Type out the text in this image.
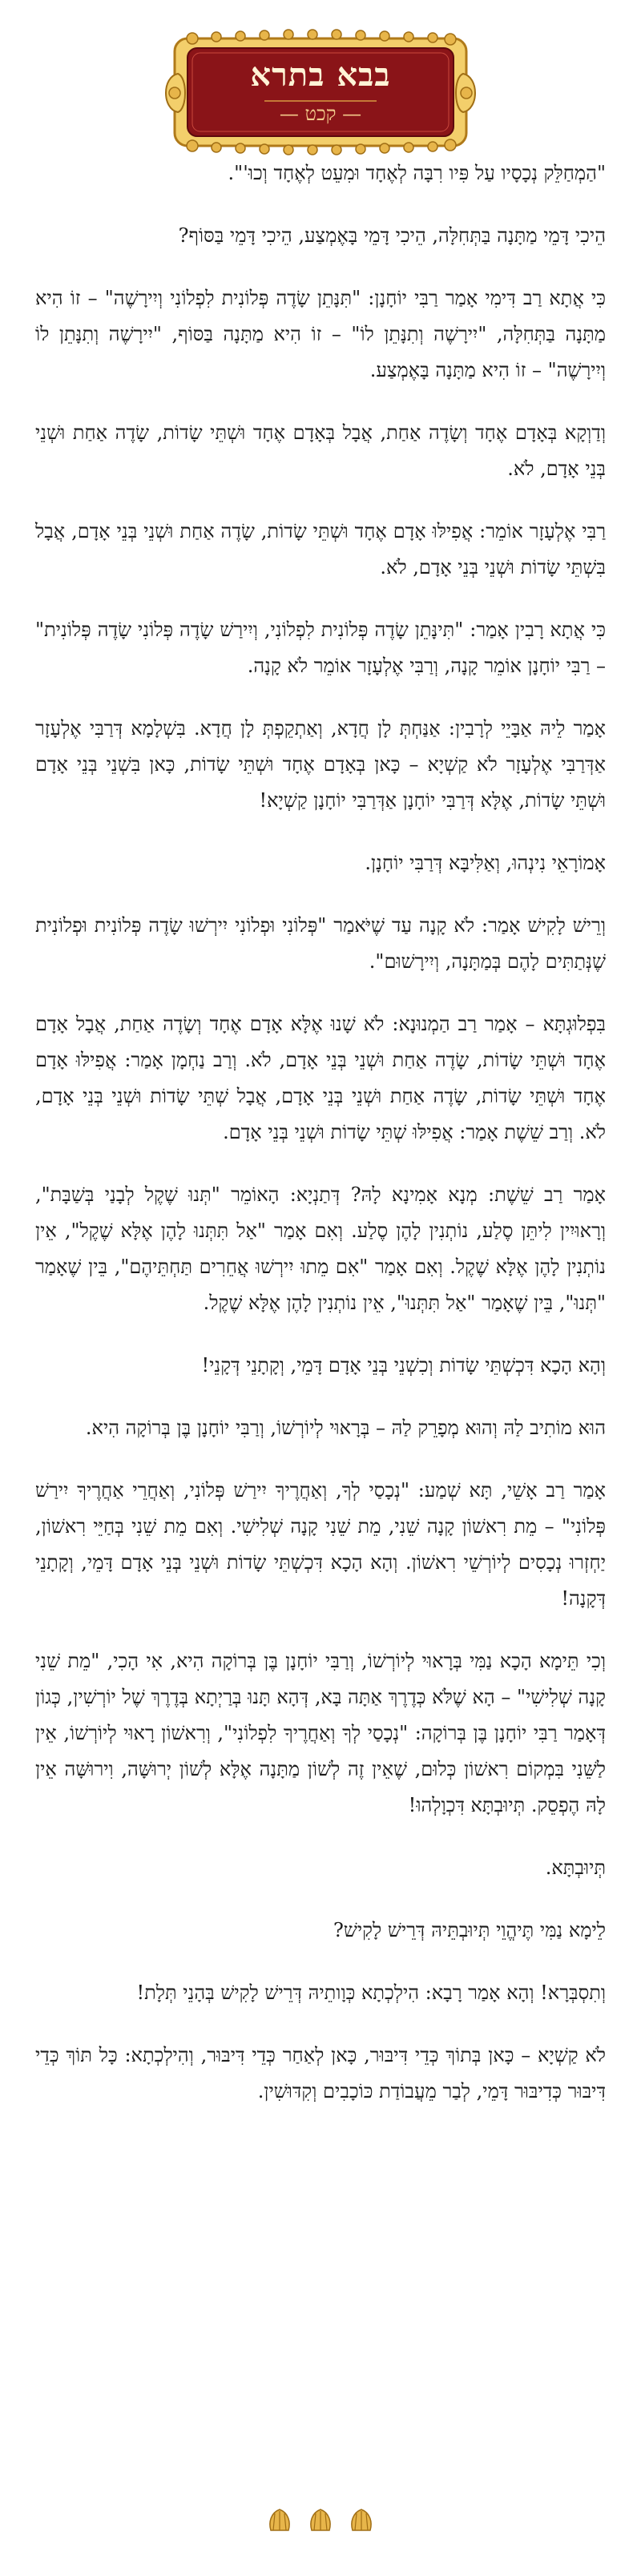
בבא בתרא
— קכט —

"הַמְחַלֵּק נְכָסָיו עַל פִּיו רִבָּה לְאֶחָד וּמִעֵט לְאֶחָד וְכוּ'".

הֵיכִי דָּמֵי מַתָּנָה בַּתְּחִלָּה, הֵיכִי דָּמֵי בָּאֶמְצַע, הֵיכִי דָּמֵי בַּסּוֹף?

כִּי אֲתָא רַב דִּימִי אָמַר רַבִּי יוֹחָנָן: "תִּנָּתֵן שָׂדֶה פְּלוֹנִית לִפְלוֹנִי וְיִירָשֶׁה" – זוֹ הִיא מַתָּנָה בַּתְּחִלָּה, "יִירָשֶׁה וְתִנָּתֵן לוֹ" – זוֹ הִיא מַתָּנָה בַּסּוֹף, "יִירָשֶׁה וְתִנָּתֵן לוֹ וְיִירָשֶׁה" – זוֹ הִיא מַתָּנָה בָּאֶמְצַע.

וְדַוְקָא בְּאָדָם אֶחָד וְשָׂדֶה אַחַת, אֲבָל בְּאָדָם אֶחָד וּשְׁתֵּי שָׂדוֹת, שָׂדֶה אַחַת וּשְׁנֵי בְּנֵי אָדָם, לֹא.

רַבִּי אֶלְעָזָר אוֹמֵר: אֲפִילּוּ אָדָם אֶחָד וּשְׁתֵּי שָׂדוֹת, שָׂדֶה אַחַת וּשְׁנֵי בְּנֵי אָדָם, אֲבָל בִּשְׁתֵּי שָׂדוֹת וּשְׁנֵי בְּנֵי אָדָם, לֹא.

כִּי אֲתָא רָבִין אָמַר: "תִּינָּתֵן שָׂדֶה פְּלוֹנִית לִפְלוֹנִי, וְיִירַשׁ שָׂדֶה פְּלוֹנִי שָׂדֶה פְּלוֹנִית" – רַבִּי יוֹחָנָן אוֹמֵר קָנָה, וְרַבִּי אֶלְעָזָר אוֹמֵר לֹא קָנָה.

אָמַר לֵיהּ אַבָּיֵי לְרָבִין: אַנַּחְתְּ לָן חֲדָא, וְאַתְקֵפְתְּ לָן חֲדָא. בִּשְׁלָמָא דְּרַבִּי אֶלְעָזָר אַדְּרַבִּי אֶלְעָזָר לֹא קַשְׁיָא – כָּאן בְּאָדָם אֶחָד וּשְׁתֵּי שָׂדוֹת, כָּאן בִּשְׁנֵי בְּנֵי אָדָם וּשְׁתֵּי שָׂדוֹת, אֶלָּא דְּרַבִּי יוֹחָנָן אַדְּרַבִּי יוֹחָנָן קַשְׁיָא!

אָמוֹרָאֵי נִינְהוּ, וְאַלִּיבָּא דְּרַבִּי יוֹחָנָן.

וְרֵישׁ לָקִישׁ אָמַר: לֹא קָנָה עַד שֶׁיֹּאמַר "פְּלוֹנִי וּפְלוֹנִי יִירְשׁוּ שָׂדֶה פְּלוֹנִית וּפְלוֹנִית שֶׁנְּתַתִּים לָהֶם בְּמַתָּנָה, וְיִירָשׁוּם".

בִּפְלוּגְתָּא – אָמַר רַב הַמְנוּנָא: לֹא שָׁנוּ אֶלָּא אָדָם אֶחָד וְשָׂדֶה אַחַת, אֲבָל אָדָם אֶחָד וּשְׁתֵּי שָׂדוֹת, שָׂדֶה אַחַת וּשְׁנֵי בְּנֵי אָדָם, לֹא. וְרַב נַחְמָן אָמַר: אֲפִילּוּ אָדָם אֶחָד וּשְׁתֵּי שָׂדוֹת, שָׂדֶה אַחַת וּשְׁנֵי בְּנֵי אָדָם, אֲבָל שְׁתֵּי שָׂדוֹת וּשְׁנֵי בְּנֵי אָדָם, לֹא. וְרַב שֵׁשֶׁת אָמַר: אֲפִילּוּ שְׁתֵּי שָׂדוֹת וּשְׁנֵי בְּנֵי אָדָם.

אָמַר רַב שֵׁשֶׁת: מְנָא אָמִינָא לָהּ? דְּתַנְיָא: הָאוֹמֵר "תְּנוּ שֶׁקֶל לְבָנַי בְּשַׁבָּת", וְרָאוּיִין לִיתֵּן סֶלַע, נוֹתְנִין לָהֶן סֶלַע. וְאִם אָמַר "אַל תִּתְּנוּ לָהֶן אֶלָּא שֶׁקֶל", אֵין נוֹתְנִין לָהֶן אֶלָּא שֶׁקֶל. וְאִם אָמַר "אִם מֵתוּ יִירְשׁוּ אֲחֵרִים תַּחְתֵּיהֶם", בֵּין שֶׁאָמַר "תְּנוּ", בֵּין שֶׁאָמַר "אַל תִּתְּנוּ", אֵין נוֹתְנִין לָהֶן אֶלָּא שֶׁקֶל.

וְהָא הָכָא דִּכְשְׁתֵּי שָׂדוֹת וְכִשְׁנֵי בְּנֵי אָדָם דָּמֵי, וְקָתָנֵי דְּקָנֵי!

הוּא מוֹתִיב לַהּ וְהוּא מְפָרֵק לַהּ – בְּרָאוּי לְיוֹרְשׁוֹ, וְרַבִּי יוֹחָנָן בֶּן בְּרוֹקָה הִיא.

אָמַר רַב אָשֵׁי, תָּא שְׁמַע: "נְכָסַי לְךָ, וְאַחֲרֶיךָ יִירַשׁ פְּלוֹנִי, וְאַחֲרֵי אַחֲרֶיךָ יִירַשׁ פְּלוֹנִי" – מֵת רִאשׁוֹן קָנָה שֵׁנִי, מֵת שֵׁנִי קָנָה שְׁלִישִׁי. וְאִם מֵת שֵׁנִי בְּחַיֵּי רִאשׁוֹן, יַחְזְרוּ נְכָסִים לְיוֹרְשֵׁי רִאשׁוֹן. וְהָא הָכָא דִּכְשְׁתֵּי שָׂדוֹת וּשְׁנֵי בְּנֵי אָדָם דָּמֵי, וְקָתָנֵי דְּקָנָה!

וְכִי תֵּימָא הָכָא נַמִּי בְּרָאוּי לְיוֹרְשׁוֹ, וְרַבִּי יוֹחָנָן בֶּן בְּרוֹקָה הִיא, אִי הָכִי, "מֵת שֵׁנִי קָנָה שְׁלִישִׁי" – הָא שֶׁלֹּא כְּדֶרֶךְ אַתָּה בָּא, דְּהָא תָּנוּ בְּרַיְתָא בְּדֶרֶךְ שֶׁל יוֹרְשִׁין, כְּגוֹן דְּאָמַר רַבִּי יוֹחָנָן בֶּן בְּרוֹקָה: "נְכָסַי לְךָ וְאַחֲרֶיךָ לִפְלוֹנִי", וְרִאשׁוֹן רָאוּי לְיוֹרְשׁוֹ, אֵין לַשֵּׁנִי בִּמְקוֹם רִאשׁוֹן כְּלוּם, שֶׁאֵין זֶה לְשׁוֹן מַתָּנָה אֶלָּא לְשׁוֹן יְרוּשָּׁה, וִירוּשָּׁה אֵין לָהּ הֶפְסֵק. תְּיוּבְתָּא דִּכְוָלְהוּ!

תְּיוּבְתָּא.

לֵימָא נַמִּי תֶּיהֱוֵי תְּיוּבְתֵּיהּ דְּרֵישׁ לָקִישׁ?

וְתִסְבְּרָא! וְהָא אָמַר רָבָא: הִילְכְתָא כְּוָותֵיהּ דְּרֵישׁ לָקִישׁ בְּהָנֵי תְּלָת!

לֹא קַשְׁיָא – כָּאן בְּתוֹךְ כְּדֵי דִּיבּוּר, כָּאן לְאַחַר כְּדֵי דִּיבּוּר, וְהִילְכְתָא: כָּל תּוֹךְ כְּדֵי דִּיבּוּר כְּדִיבּוּר דָּמֵי, לְבַר מֵעֲבוֹדַת כּוֹכָבִים וְקִדּוּשִׁין.
